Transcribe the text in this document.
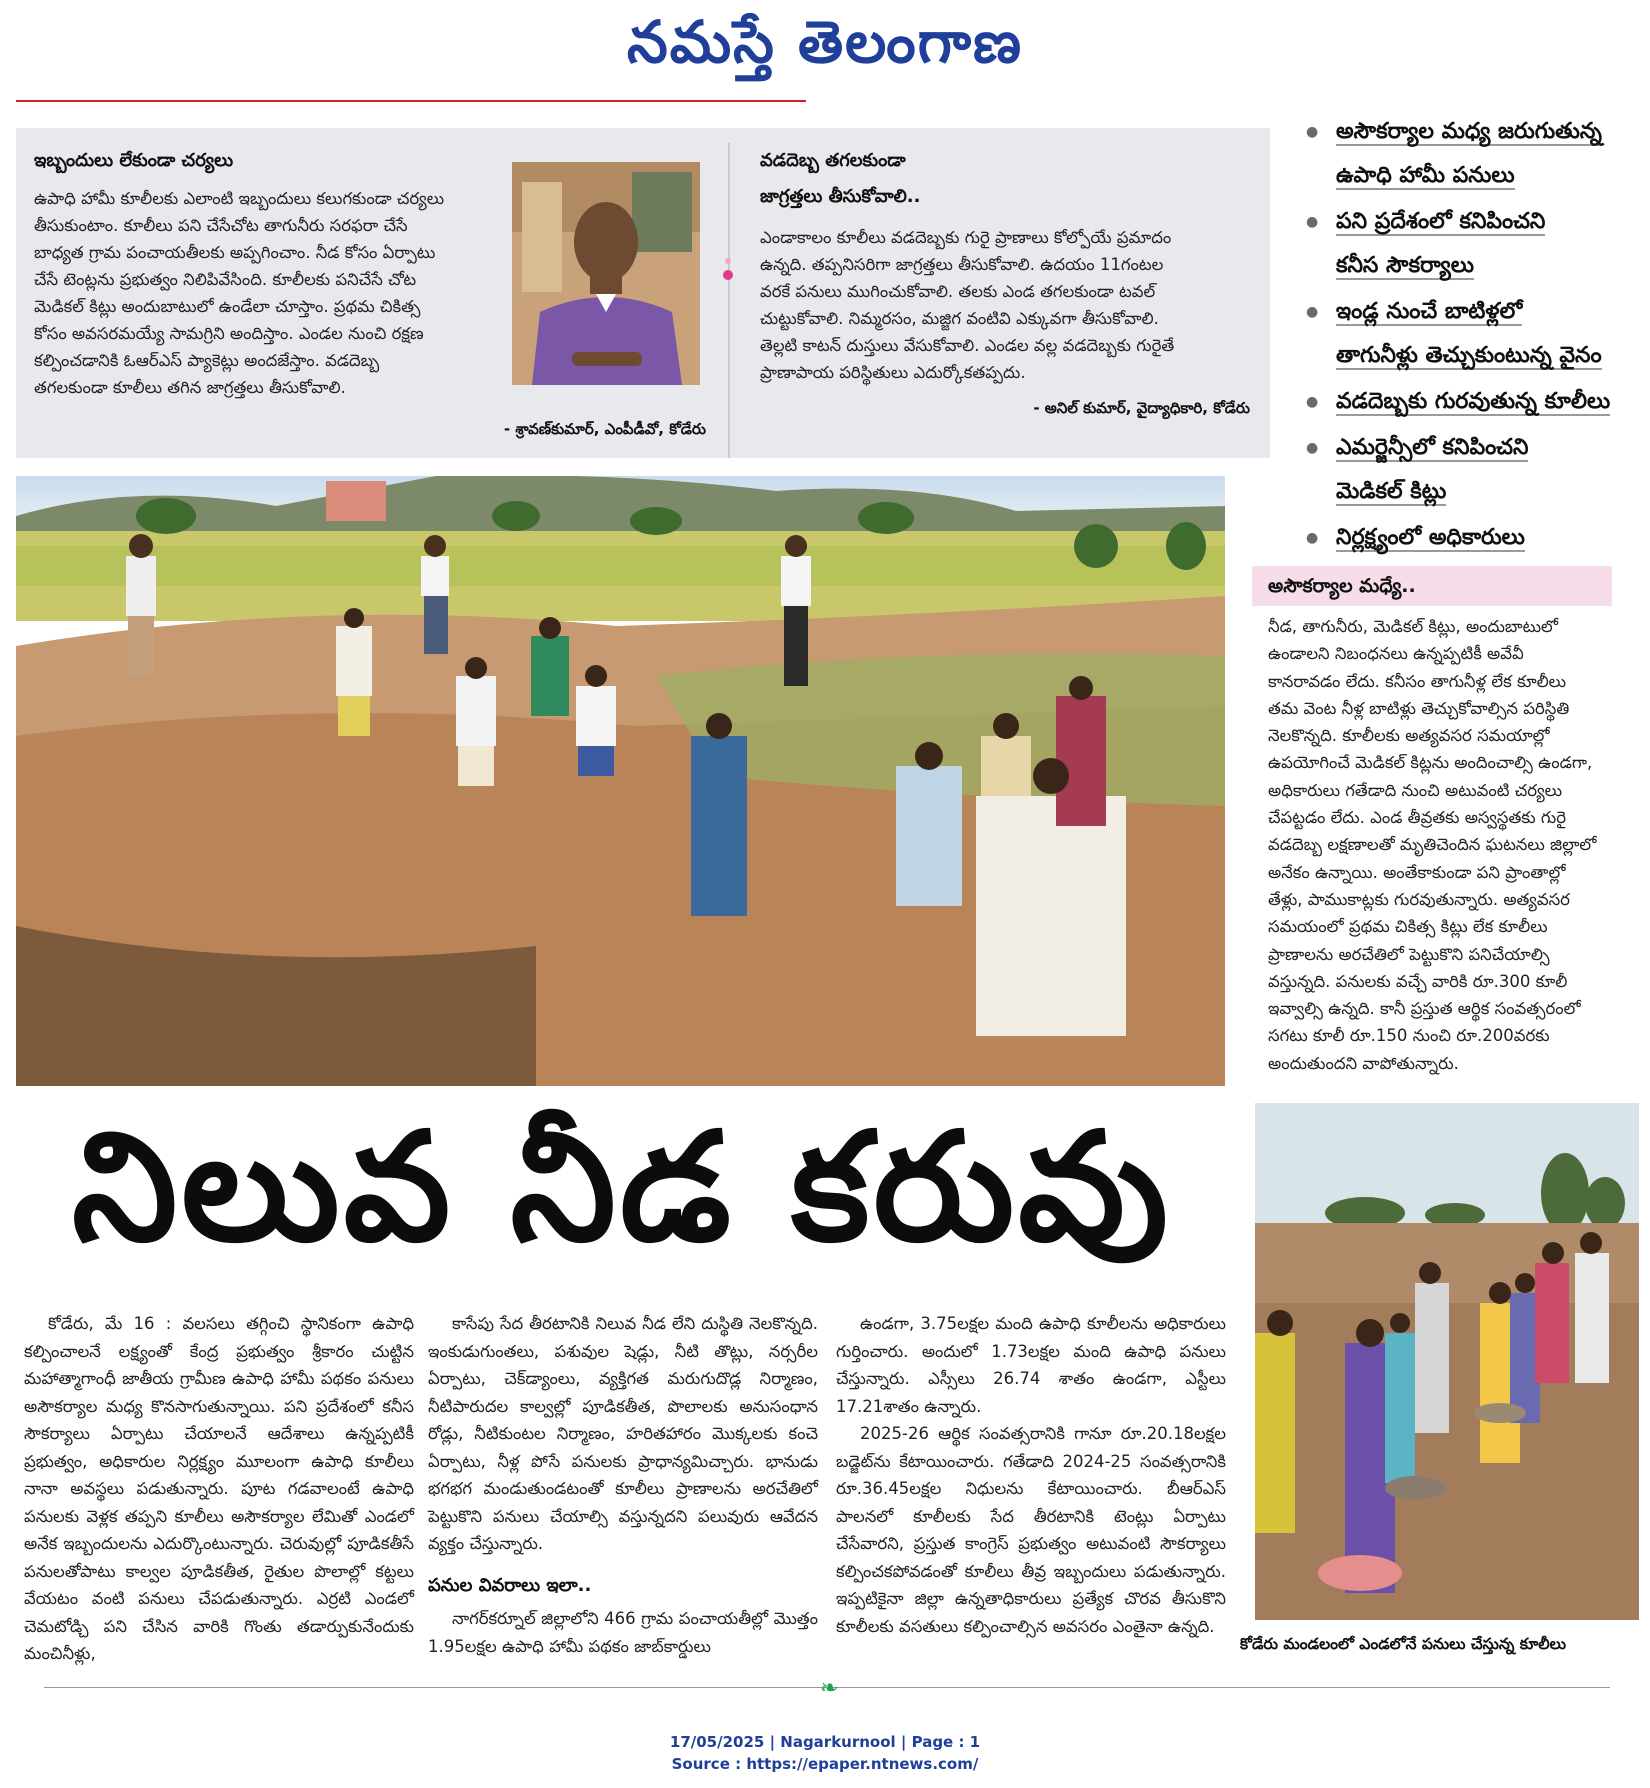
నమస్తే తెలంగాణ
ఇబ్బందులు లేకుండా చర్యలు
ఉపాధి హామీ కూలీలకు ఎలాంటి ఇబ్బందులు కలుగకుండా చర్యలు
తీసుకుంటాం. కూలీలు పని చేసేచోట తాగునీరు సరఫరా చేసే
బాధ్యత గ్రామ పంచాయతీలకు అప్పగించాం. నీడ కోసం ఏర్పాటు
చేసే టెంట్లను ప్రభుత్వం నిలిపివేసింది. కూలీలకు పనిచేసే చోట
మెడికల్ కిట్లు అందుబాటులో ఉండేలా చూస్తాం. ప్రథమ చికిత్స
కోసం అవసరమయ్యే సామగ్రిని అందిస్తాం. ఎండల నుంచి రక్షణ
కల్పించడానికి ఓఆర్ఎస్ ప్యాకెట్లు అందజేస్తాం. వడదెబ్బ
తగలకుండా కూలీలు తగిన జాగ్రత్తలు తీసుకోవాలి.
- శ్రావణ్‌కుమార్, ఎంపీడీవో, కోడేరు
వడదెబ్బ తగలకుండా
జాగ్రత్తలు తీసుకోవాలి..
ఎండాకాలం కూలీలు వడదెబ్బకు గురై ప్రాణాలు కోల్పోయే ప్రమాదం
ఉన్నది. తప్పనిసరిగా జాగ్రత్తలు తీసుకోవాలి. ఉదయం 11గంటల
వరకే పనులు ముగించుకోవాలి. తలకు ఎండ తగలకుండా టవల్
చుట్టుకోవాలి. నిమ్మరసం, మజ్జిగ వంటివి ఎక్కువగా తీసుకోవాలి.
తెల్లటి కాటన్ దుస్తులు వేసుకోవాలి. ఎండల వల్ల వడదెబ్బకు గురైతే
ప్రాణాపాయ పరిస్థితులు ఎదుర్కోకతప్పదు.
- అనిల్ కుమార్, వైద్యాధికారి, కోడేరు
● అసౌకర్యాల మధ్య జరుగుతున్న
ఉపాధి హామీ పనులు
● పని ప్రదేశంలో కనిపించని
కనీస సౌకర్యాలు
● ఇండ్ల నుంచే బాటిళ్లలో
తాగునీళ్లు తెచ్చుకుంటున్న వైనం
● వడదెబ్బకు గురవుతున్న కూలీలు
● ఎమర్జెన్సీలో కనిపించని
మెడికల్ కిట్లు
● నిర్లక్ష్యంలో అధికారులు
అసౌకర్యాల మధ్యే..
నీడ, తాగునీరు, మెడికల్ కిట్లు, అందుబాటులో
ఉండాలని నిబంధనలు ఉన్నప్పటికీ అవేవీ
కానరావడం లేదు. కనీసం తాగునీళ్ల లేక కూలీలు
తమ వెంట నీళ్ల బాటిళ్లు తెచ్చుకోవాల్సిన పరిస్థితి
నెలకొన్నది. కూలీలకు అత్యవసర సమయాల్లో
ఉపయోగించే మెడికల్ కిట్లను అందించాల్సి ఉండగా,
అధికారులు గతేడాది నుంచి అటువంటి చర్యలు
చేపట్టడం లేదు. ఎండ తీవ్రతకు అస్వస్థతకు గురై
వడదెబ్బ లక్షణాలతో మృతిచెందిన ఘటనలు జిల్లాలో
అనేకం ఉన్నాయి. అంతేకాకుండా పని ప్రాంతాల్లో
తేళ్లు, పాముకాట్లకు గురవుతున్నారు. అత్యవసర
సమయంలో ప్రథమ చికిత్స కిట్లు లేక కూలీలు
ప్రాణాలను అరచేతిలో పెట్టుకొని పనిచేయాల్సి
వస్తున్నది. పనులకు వచ్చే వారికి రూ.300 కూలీ
ఇవ్వాల్సి ఉన్నది. కానీ ప్రస్తుత ఆర్థిక సంవత్సరంలో
సగటు కూలీ రూ.150 నుంచి రూ.200వరకు
అందుతుందని వాపోతున్నారు.
నిలువ నీడ కరువు
కోడేరు మండలంలో ఎండలోనే పనులు చేస్తున్న కూలీలు

కోడేరు, మే 16 : వలసలు తగ్గించి స్థానికంగా ఉపాధి కల్పించాలనే లక్ష్యంతో కేంద్ర ప్రభుత్వం శ్రీకారం చుట్టిన మహాత్మాగాంధీ జాతీయ గ్రామీణ ఉపాధి హామీ పథకం పనులు అసౌకర్యాల మధ్య కొనసాగుతున్నాయి. పని ప్రదేశంలో కనీస సౌకర్యాలు ఏర్పాటు చేయాలనే ఆదేశాలు ఉన్నప్పటికీ ప్రభుత్వం, అధికారుల నిర్లక్ష్యం మూలంగా ఉపాధి కూలీలు నానా అవస్థలు పడుతున్నారు. పూట గడవాలంటే ఉపాధి పనులకు వెళ్లక తప్పని కూలీలు అసౌకర్యాల లేమితో ఎండలో అనేక ఇబ్బందులను ఎదుర్కొంటున్నారు. చెరువుల్లో పూడికతీసే పనులతోపాటు కాల్వల పూడికతీత, రైతుల పొలాల్లో కట్టలు వేయటం వంటి పనులు చేపడుతున్నారు. ఎర్రటి ఎండలో చెమటోడ్చి పని చేసిన వారికి గొంతు తడార్పుకునేందుకు మంచినీళ్లు,

కాసేపు సేద తీరటానికి నిలువ నీడ లేని దుస్థితి నెలకొన్నది. ఇంకుడుగుంతలు, పశువుల షెడ్లు, నీటి తొట్లు, నర్సరీల ఏర్పాటు, చెక్‌డ్యాంలు, వ్యక్తిగత మరుగుదొడ్ల నిర్మాణం, నీటిపారుదల కాల్వల్లో పూడికతీత, పొలాలకు అనుసంధాన రోడ్లు, నీటికుంటల నిర్మాణం, హరితహారం మొక్కలకు కంచె ఏర్పాటు, నీళ్ల పోసే పనులకు ప్రాధాన్యమిచ్చారు. భానుడు భగభగ మండుతుండటంతో కూలీలు ప్రాణాలను అరచేతిలో పెట్టుకొని పనులు చేయాల్సి వస్తున్నదని పలువురు ఆవేదన వ్యక్తం చేస్తున్నారు.

పనుల వివరాలు ఇలా..

నాగర్‌కర్నూల్ జిల్లాలోని 466 గ్రామ పంచాయతీల్లో మొత్తం 1.95లక్షల ఉపాధి హామీ పథకం జాబ్‌కార్డులు

ఉండగా, 3.75లక్షల మంది ఉపాధి కూలీలను అధికారులు గుర్తించారు. అందులో 1.73లక్షల మంది ఉపాధి పనులు చేస్తున్నారు. ఎస్సీలు 26.74 శాతం ఉండగా, ఎస్టీలు 17.21శాతం ఉన్నారు.

2025-26 ఆర్థిక సంవత్సరానికి గానూ రూ.20.18లక్షల బడ్జెట్‌ను కేటాయించారు. గతేడాది 2024-25 సంవత్సరానికి రూ.36.45లక్షల నిధులను కేటాయించారు. బీఆర్ఎస్ పాలనలో కూలీలకు సేద తీరటానికి టెంట్లు ఏర్పాటు చేసేవారని, ప్రస్తుత కాంగ్రెస్ ప్రభుత్వం అటువంటి సౌకర్యాలు కల్పించకపోవడంతో కూలీలు తీవ్ర ఇబ్బందులు పడుతున్నారు. ఇప్పటికైనా జిల్లా ఉన్నతాధికారులు ప్రత్యేక చొరవ తీసుకొని కూలీలకు వసతులు కల్పించాల్సిన అవసరం ఎంతైనా ఉన్నది.

❧
17/05/2025 | Nagarkurnool | Page : 1
Source : https://epaper.ntnews.com/
